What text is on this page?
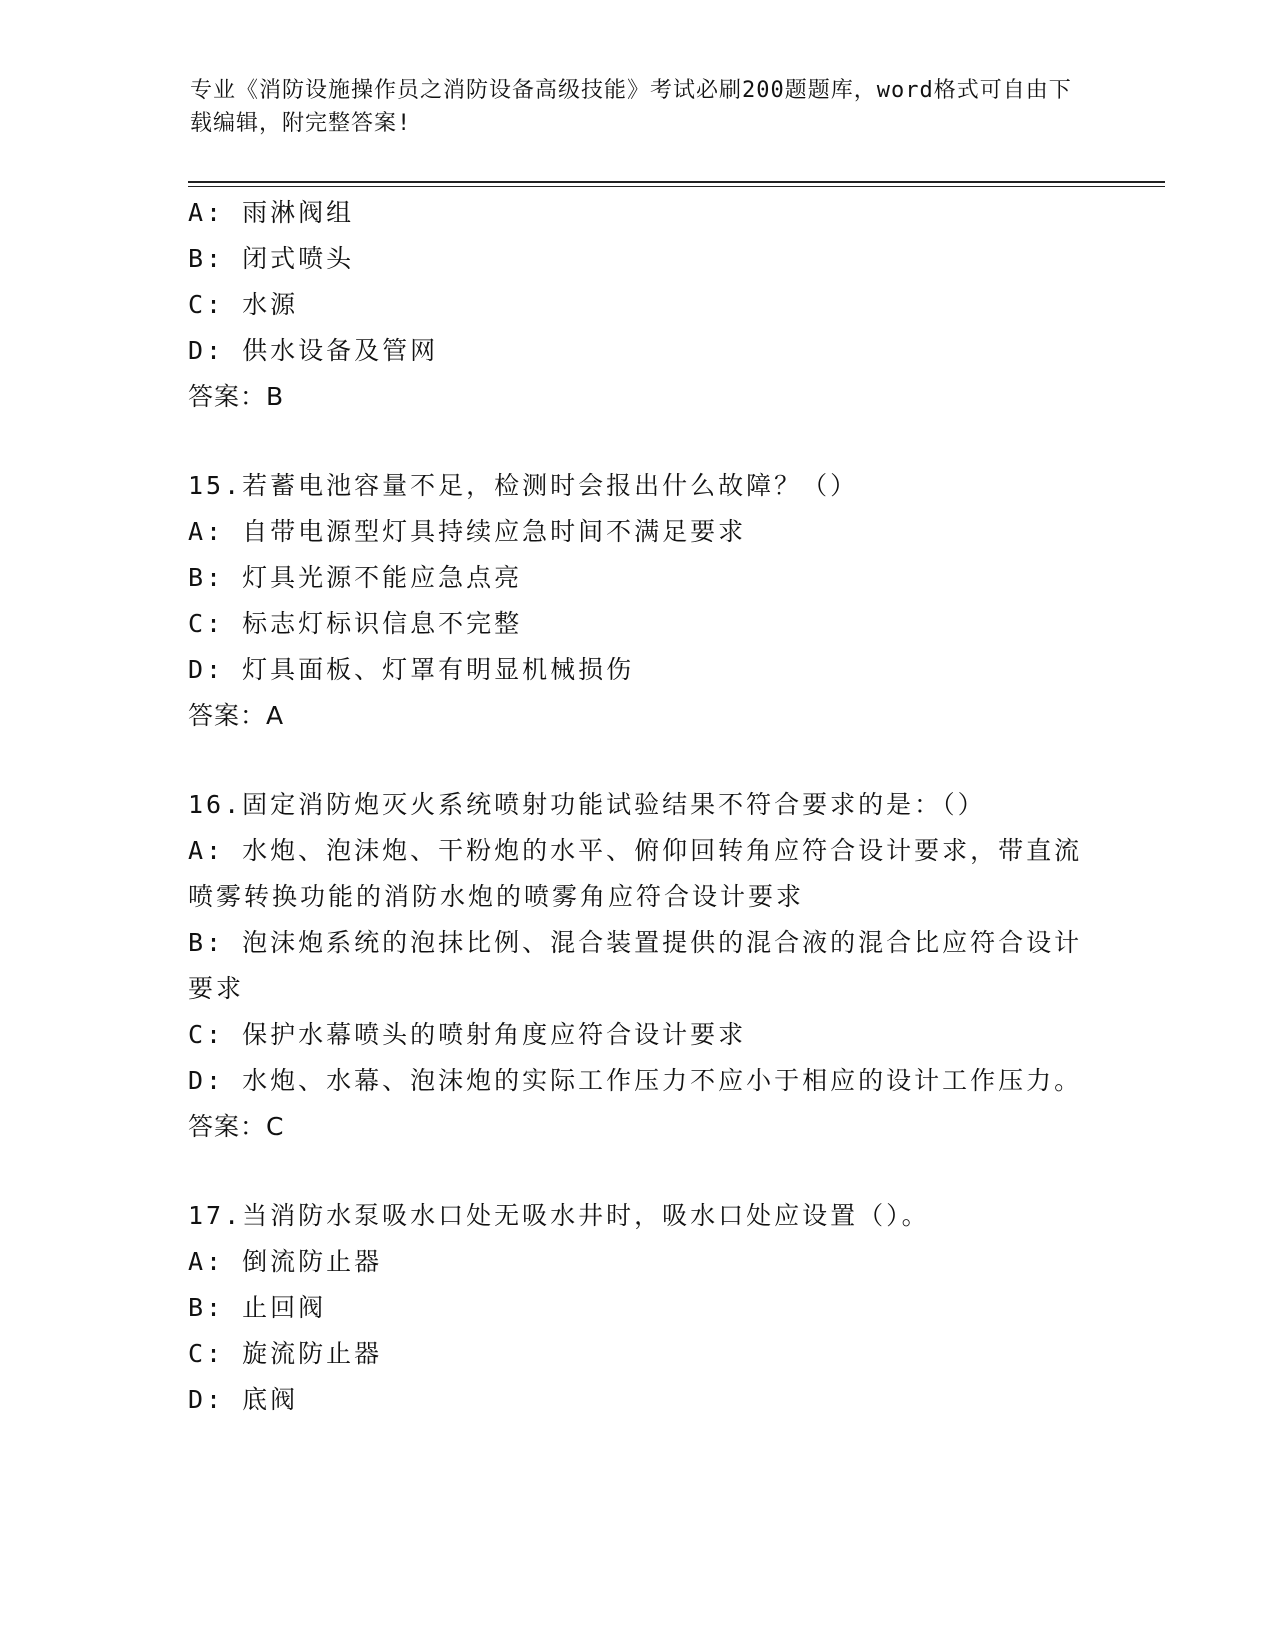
专业《消防设施操作员之消防设备高级技能》考试必刷200题题库，word格式可自由下载编辑，附完整答案!
A: 雨淋阀组
B: 闭式喷头
C: 水源
D: 供水设备及管网
答案：B
15.若蓄电池容量不足，检测时会报出什么故障？（）
A: 自带电源型灯具持续应急时间不满足要求
B: 灯具光源不能应急点亮
C: 标志灯标识信息不完整
D: 灯具面板、灯罩有明显机械损伤
答案：A
16.固定消防炮灭火系统喷射功能试验结果不符合要求的是：（）
A: 水炮、泡沫炮、干粉炮的水平、俯仰回转角应符合设计要求，带直流喷雾转换功能的消防水炮的喷雾角应符合设计要求
B: 泡沫炮系统的泡抹比例、混合装置提供的混合液的混合比应符合设计要求
C: 保护水幕喷头的喷射角度应符合设计要求
D: 水炮、水幕、泡沫炮的实际工作压力不应小于相应的设计工作压力。
答案：C
17.当消防水泵吸水口处无吸水井时，吸水口处应设置（）。
A: 倒流防止器
B: 止回阀
C: 旋流防止器
D: 底阀
